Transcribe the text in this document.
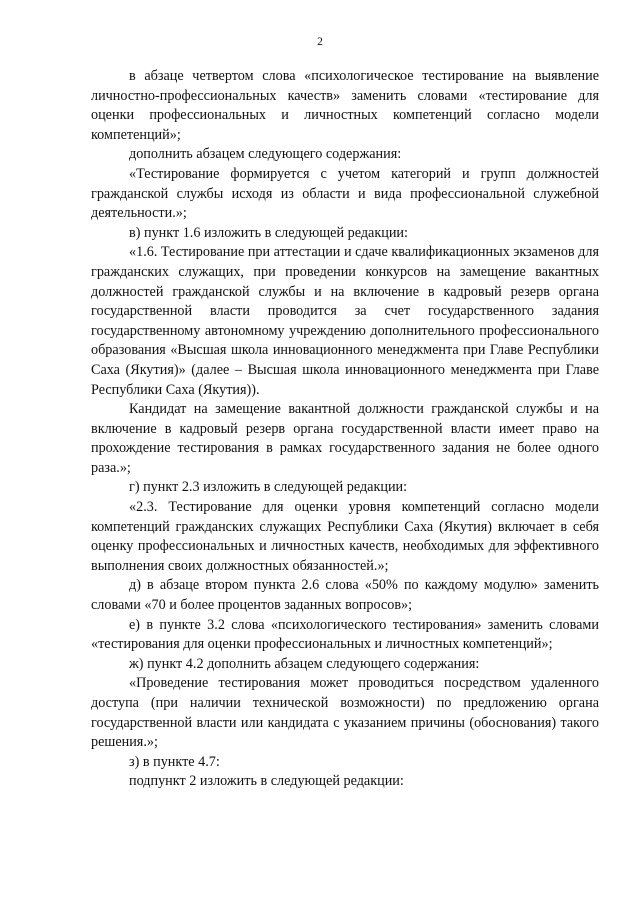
2

в абзаце четвертом слова «психологическое тестирование на выявление личностно-профессиональных качеств» заменить словами «тестирование для оценки профессиональных и личностных компетенций согласно модели компетенций»;

дополнить абзацем следующего содержания:

«Тестирование формируется с учетом категорий и групп должностей гражданской службы исходя из области и вида профессиональной служебной деятельности.»;

в) пункт 1.6 изложить в следующей редакции:

«1.6. Тестирование при аттестации и сдаче квалификационных экзаменов для гражданских служащих, при проведении конкурсов на замещение вакантных должностей гражданской службы и на включение в кадровый резерв органа государственной власти проводится за счет государственного задания государственному автономному учреждению дополнительного профессионального образования «Высшая школа инновационного менеджмента при Главе Республики Саха (Якутия)» (далее – Высшая школа инновационного менеджмента при Главе Республики Саха (Якутия)).

Кандидат на замещение вакантной должности гражданской службы и на включение в кадровый резерв органа государственной власти имеет право на прохождение тестирования в рамках государственного задания не более одного раза.»;

г) пункт 2.3 изложить в следующей редакции:

«2.3. Тестирование для оценки уровня компетенций согласно модели компетенций гражданских служащих Республики Саха (Якутия) включает в себя оценку профессиональных и личностных качеств, необходимых для эффективного выполнения своих должностных обязанностей.»;

д) в абзаце втором пункта 2.6 слова «50% по каждому модулю» заменить словами «70 и более процентов заданных вопросов»;

е) в пункте 3.2 слова «психологического тестирования» заменить словами «тестирования для оценки профессиональных и личностных компетенций»;

ж) пункт 4.2 дополнить абзацем следующего содержания:

«Проведение тестирования может проводиться посредством удаленного доступа (при наличии технической возможности) по предложению органа государственной власти или кандидата с указанием причины (обоснования) такого решения.»;

з) в пункте 4.7:

подпункт 2 изложить в следующей редакции:
